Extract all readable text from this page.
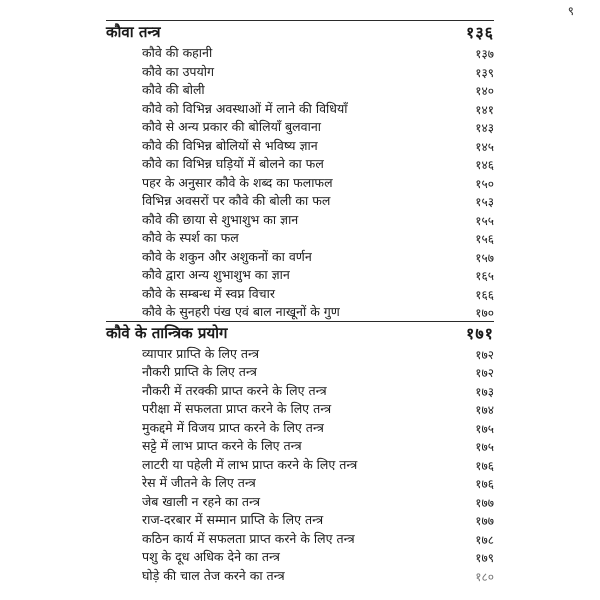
९
कौवा तन्त्र	१३६
कौवे की कहानी	१३७
कौवे का उपयोग	१३९
कौवे की बोली	१४०
कौवे को विभिन्न अवस्थाओं में लाने की विधियाँ	१४१
कौवे से अन्य प्रकार की बोलियाँ बुलवाना	१४३
कौवे की विभिन्न बोलियों से भविष्य ज्ञान	१४५
कौवे का विभिन्न घड़ियों में बोलने का फल	१४६
पहर के अनुसार कौवे के शब्द का फलाफल	१५०
विभिन्न अवसरों पर कौवे की बोली का फल	१५३
कौवे की छाया से शुभाशुभ का ज्ञान	१५५
कौवे के स्पर्श का फल	१५६
कौवे के शकुन और अशुकनों का वर्णन	१५७
कौवे द्वारा अन्य शुभाशुभ का ज्ञान	१६५
कौवे के सम्बन्ध में स्वप्न विचार	१६६
कौवे के सुनहरी पंख एवं बाल नाखूनों के गुण	१७०
कौवे के तान्त्रिक प्रयोग	१७१
व्यापार प्राप्ति के लिए तन्त्र	१७२
नौकरी प्राप्ति के लिए तन्त्र	१७२
नौकरी में तरक्की प्राप्त करने के लिए तन्त्र	१७३
परीक्षा में सफलता प्राप्त करने के लिए तन्त्र	१७४
मुकद्दमे में विजय प्राप्त करने के लिए तन्त्र	१७५
सट्टे में लाभ प्राप्त करने के लिए तन्त्र	१७५
लाटरी या पहेली में लाभ प्राप्त करने के लिए तन्त्र	१७६
रेस में जीतने के लिए तन्त्र	१७६
जेब खाली न रहने का तन्त्र	१७७
राज-दरबार में सम्मान प्राप्ति के लिए तन्त्र	१७७
कठिन कार्य में सफलता प्राप्त करने के लिए तन्त्र	१७८
पशु के दूध अधिक देने का तन्त्र	१७९
घोड़े की चाल तेज करने का तन्त्र	१८०
